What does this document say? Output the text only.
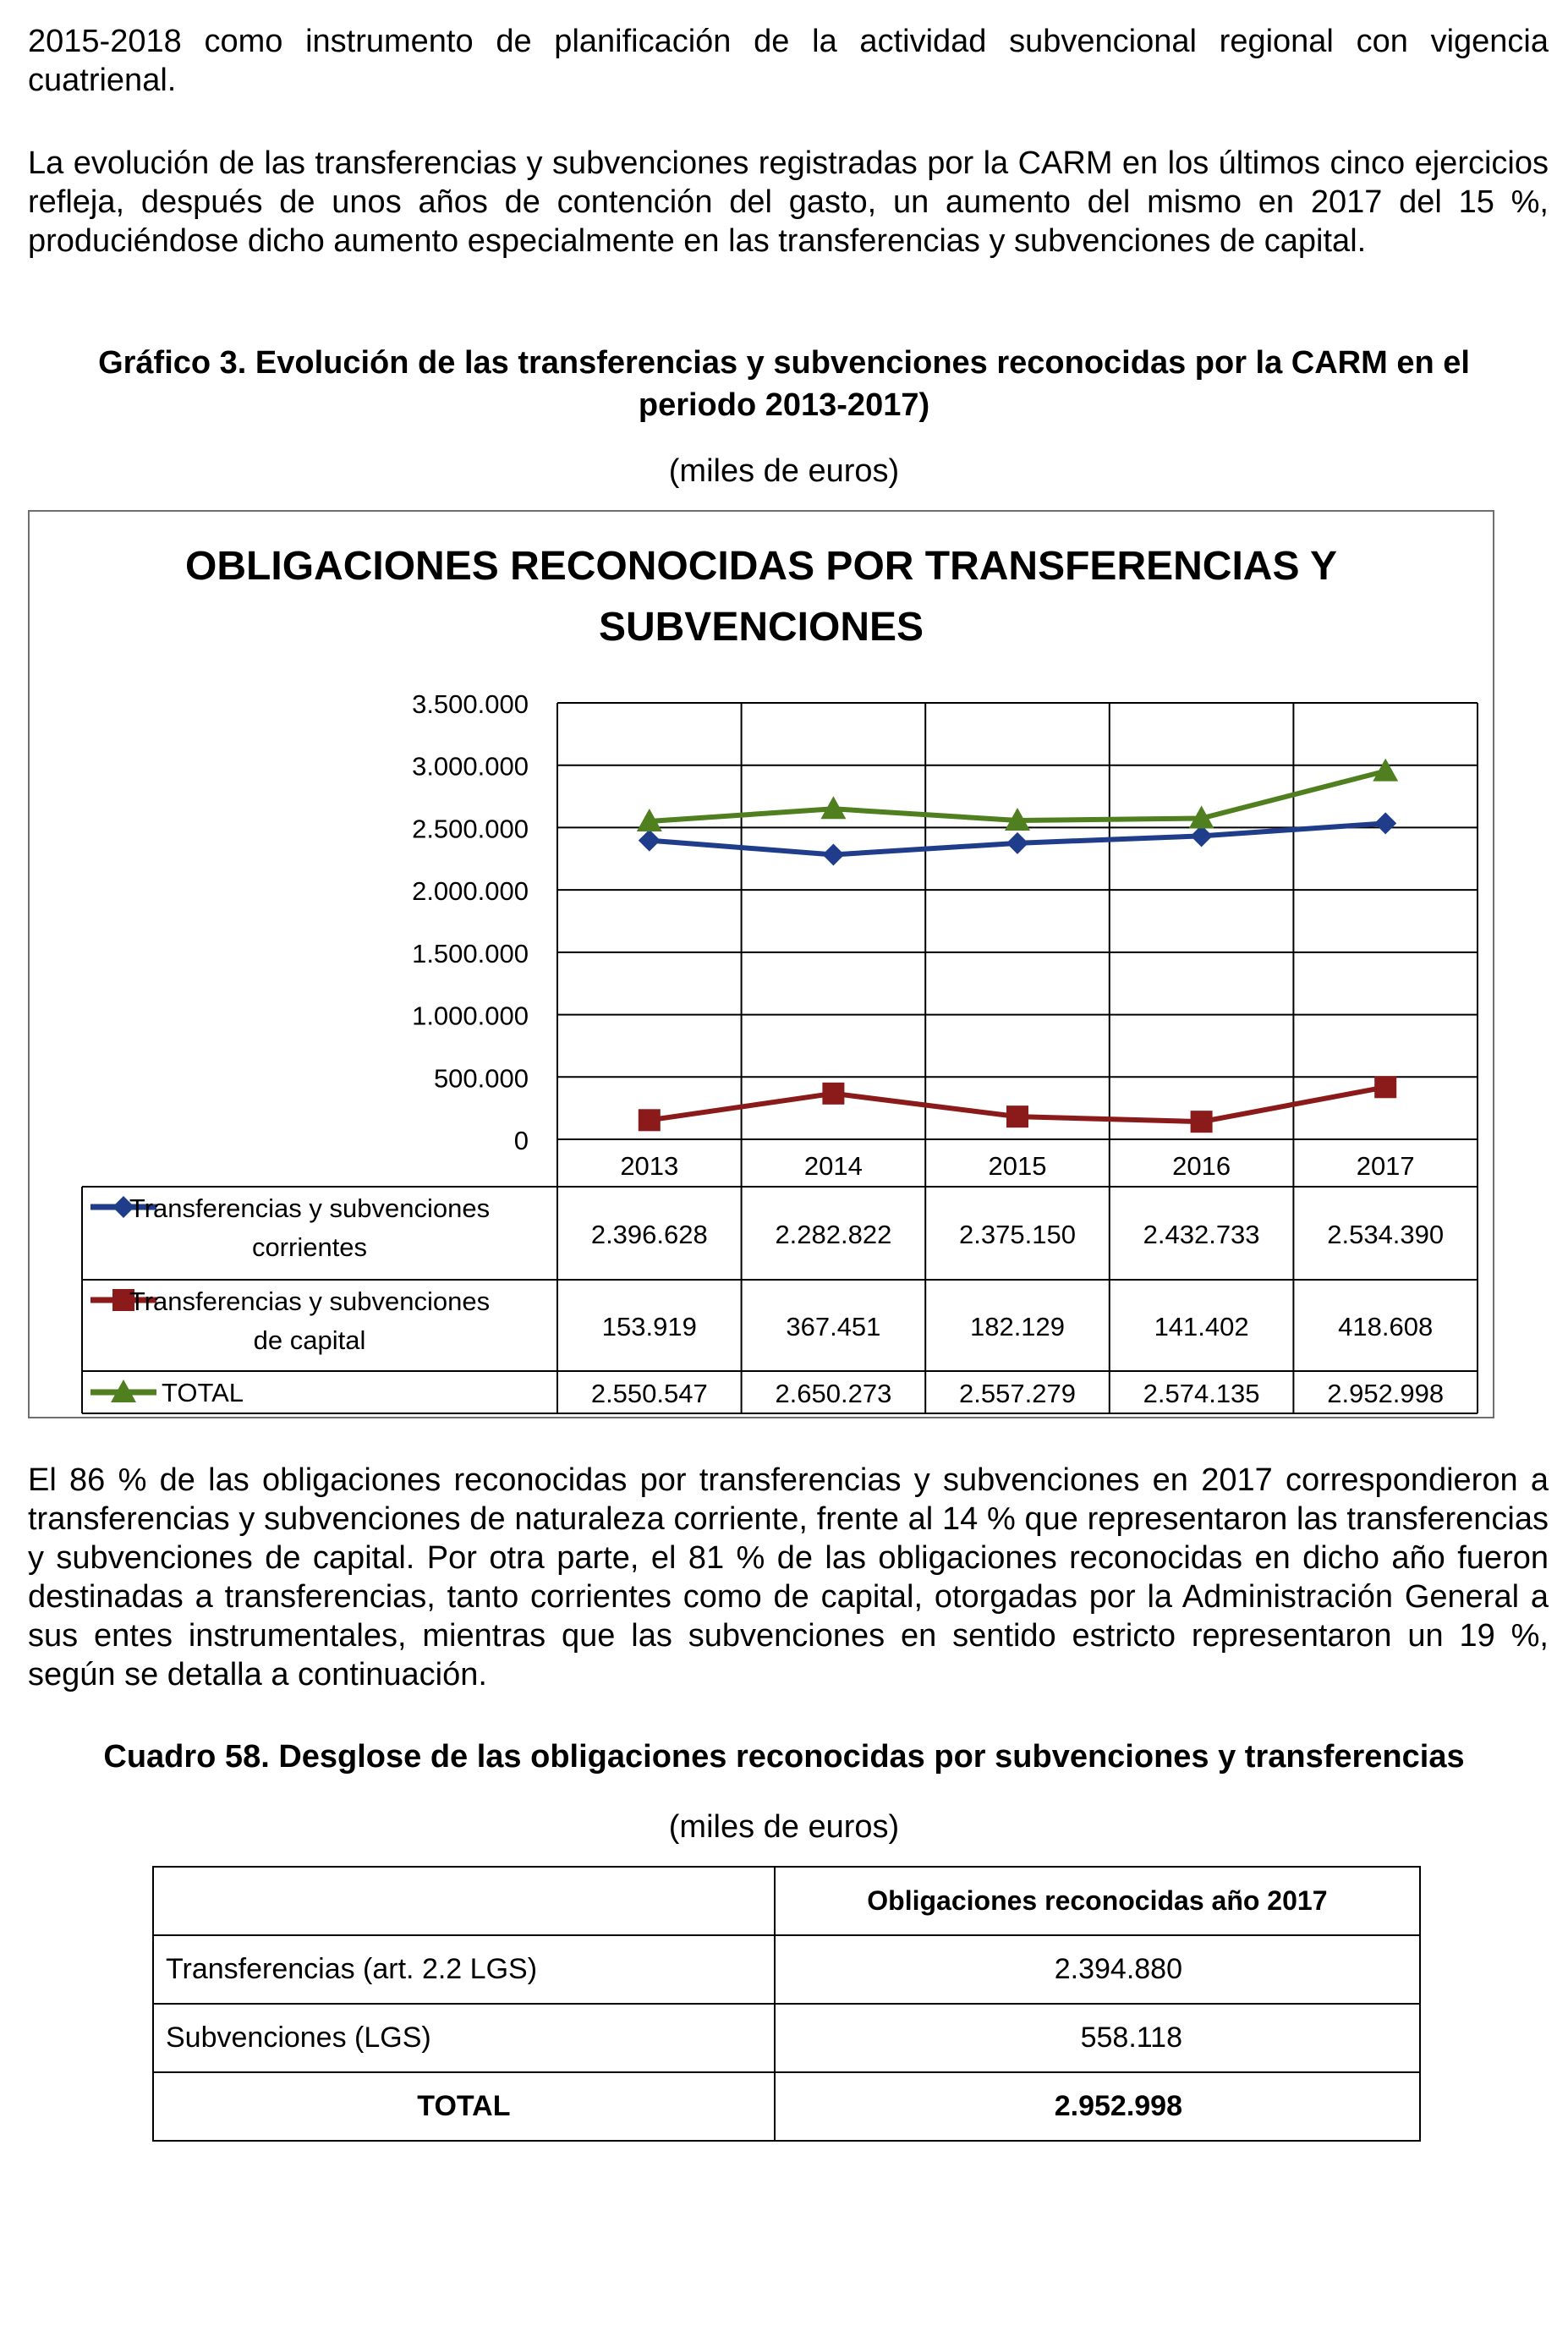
2015-2018 como instrumento de planificación de la actividad subvencional regional con vigencia cuatrienal.

La evolución de las transferencias y subvenciones registradas por la CARM en los últimos cinco ejercicios refleja, después de unos años de contención del gasto, un aumento del mismo en 2017 del 15 %, produciéndose dicho aumento especialmente en las transferencias y subvenciones de capital.

Gráfico 3. Evolución de las transferencias y subvenciones reconocidas por la CARM en el

periodo 2013-2017)

(miles de euros)

OBLIGACIONES RECONOCIDAS POR TRANSFERENCIAS Y
SUBVENCIONES
0
500.000
1.000.000
1.500.000
2.000.000
2.500.000
3.000.000
3.500.000
2013	2014	2015	2016	2017
Transferencias y subvenciones
corrientes	2.396.628	2.282.822	2.375.150	2.432.733	2.534.390
Transferencias y subvenciones
de capital	153.919	367.451	182.129	141.402	418.608
TOTAL	2.550.547	2.650.273	2.557.279	2.574.135	2.952.998

El 86 % de las obligaciones reconocidas por transferencias y subvenciones en 2017 correspondieron a transferencias y subvenciones de naturaleza corriente, frente al 14 % que representaron las transferencias y subvenciones de capital. Por otra parte, el 81 % de las obligaciones reconocidas en dicho año fueron destinadas a transferencias, tanto corrientes como de capital, otorgadas por la Administración General a sus entes instrumentales, mientras que las subvenciones en sentido estricto representaron un 19 %, según se detalla a continuación.

Cuadro 58. Desglose de las obligaciones reconocidas por subvenciones y transferencias

(miles de euros)

	Obligaciones reconocidas año 2017
Transferencias (art. 2.2 LGS)	2.394.880
Subvenciones (LGS)	558.118
TOTAL	2.952.998
